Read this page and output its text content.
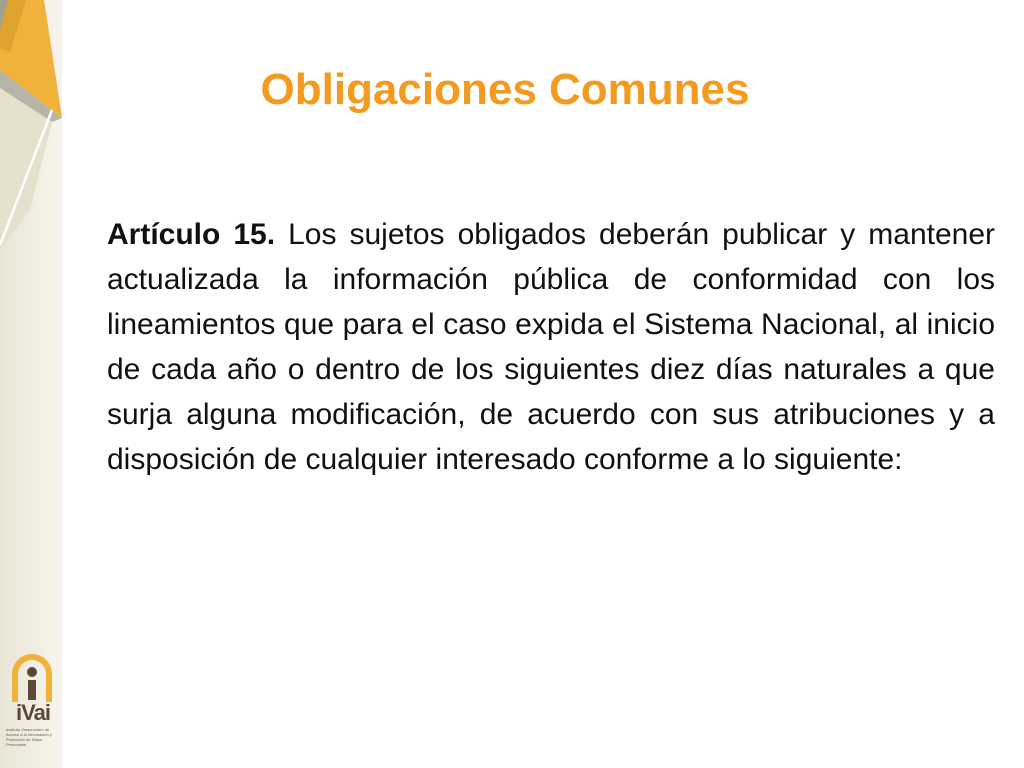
Obligaciones Comunes
Artículo 15. Los sujetos obligados deberán publicar y mantener actualizada la información pública de conformidad con los lineamientos que para el caso expida el Sistema Nacional, al inicio de cada año o dentro de los siguientes diez días naturales a que surja alguna modificación, de acuerdo con sus atribuciones y a disposición de cualquier interesado conforme a lo siguiente:
iVai
Instituto Veracruzano de Acceso a la Información y Protección de Datos Personales
